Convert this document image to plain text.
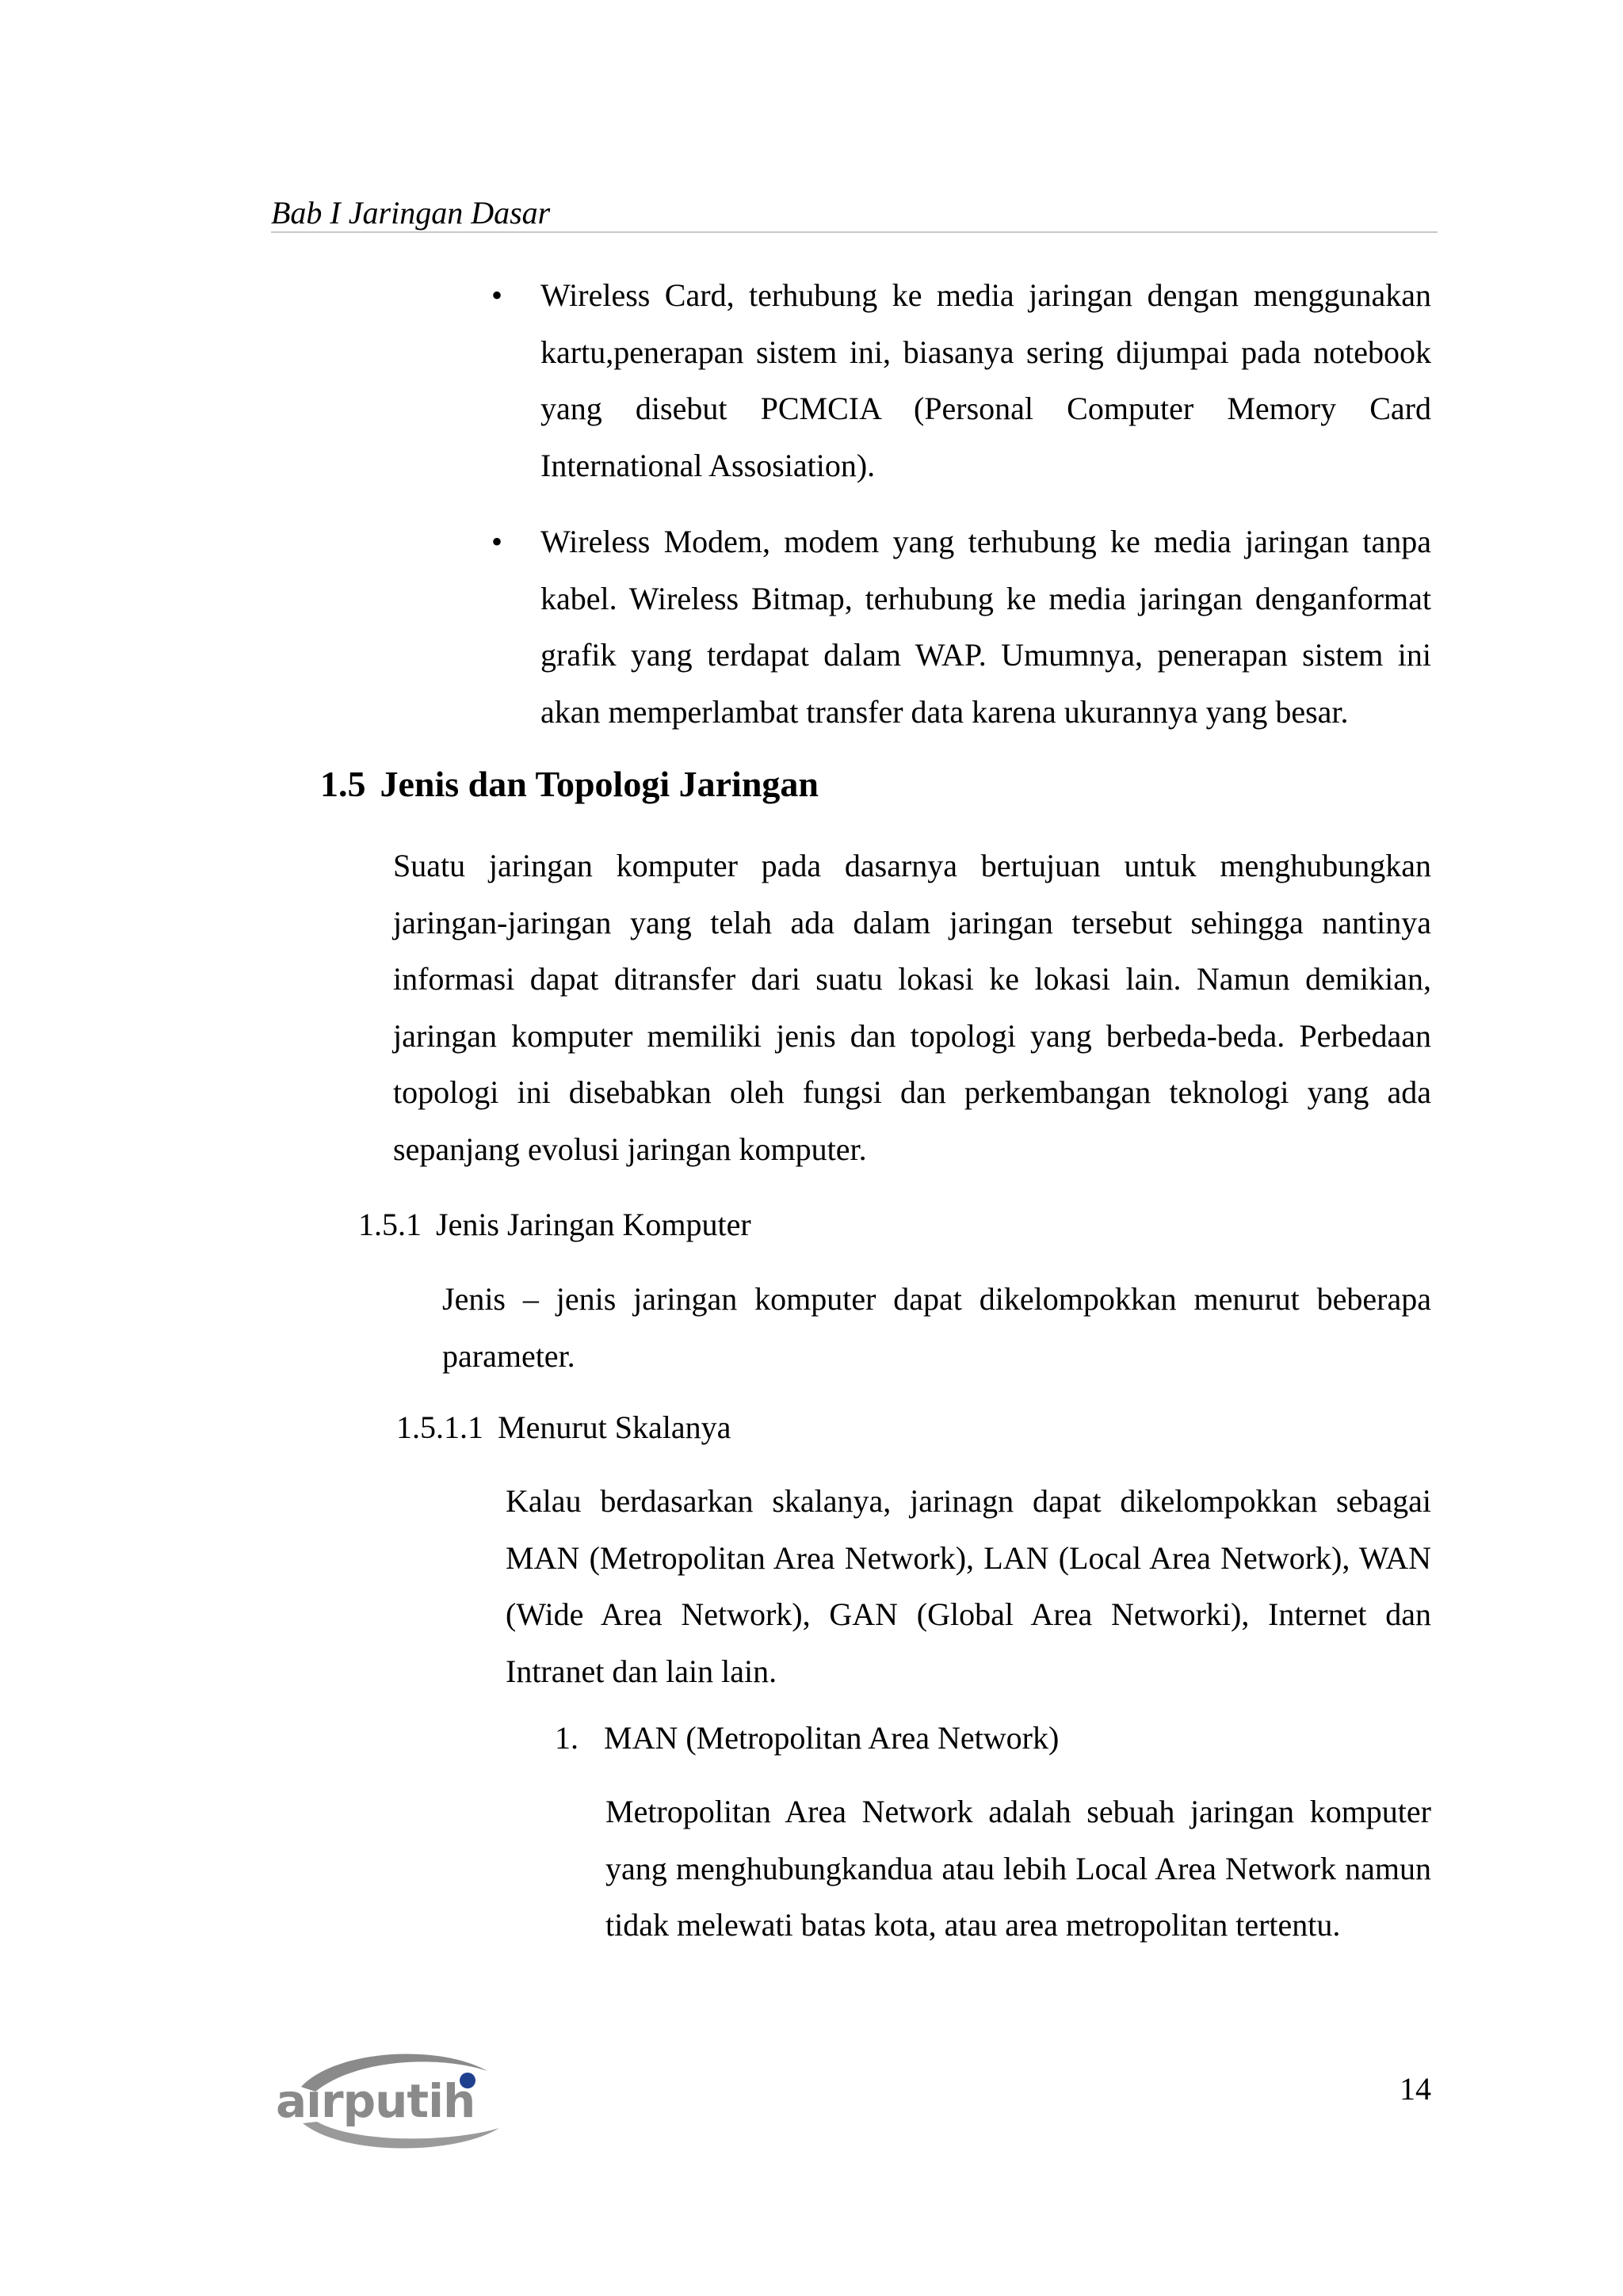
Bab I Jaringan Dasar
•	Wireless Card, terhubung ke media jaringan dengan menggunakan kartu,penerapan sistem ini, biasanya sering dijumpai pada notebook yang disebut PCMCIA (Personal Computer Memory Card International Assosiation).
•	Wireless Modem, modem yang terhubung ke media jaringan tanpa kabel. Wireless Bitmap, terhubung ke media jaringan denganformat grafik yang terdapat dalam WAP. Umumnya, penerapan sistem ini akan memperlambat transfer data karena ukurannya yang besar.
1.5 Jenis dan Topologi Jaringan
Suatu jaringan komputer pada dasarnya bertujuan untuk menghubungkan jaringan-jaringan yang telah ada dalam jaringan tersebut sehingga nantinya informasi dapat ditransfer dari suatu lokasi ke lokasi lain. Namun demikian, jaringan komputer memiliki jenis dan topologi yang berbeda-beda. Perbedaan topologi ini disebabkan oleh fungsi dan perkembangan teknologi yang ada sepanjang evolusi jaringan komputer.
1.5.1 Jenis Jaringan Komputer
Jenis – jenis jaringan komputer dapat dikelompokkan menurut beberapa parameter.
1.5.1.1 Menurut Skalanya
Kalau berdasarkan skalanya, jarinagn dapat dikelompokkan sebagai MAN (Metropolitan Area Network), LAN (Local Area Network), WAN (Wide Area Network), GAN (Global Area Networki), Internet dan Intranet dan lain lain.
1. MAN (Metropolitan Area Network)
Metropolitan Area Network adalah sebuah jaringan komputer yang menghubungkandua atau lebih Local Area Network namun tidak melewati batas kota, atau area metropolitan tertentu.
14
airputih
